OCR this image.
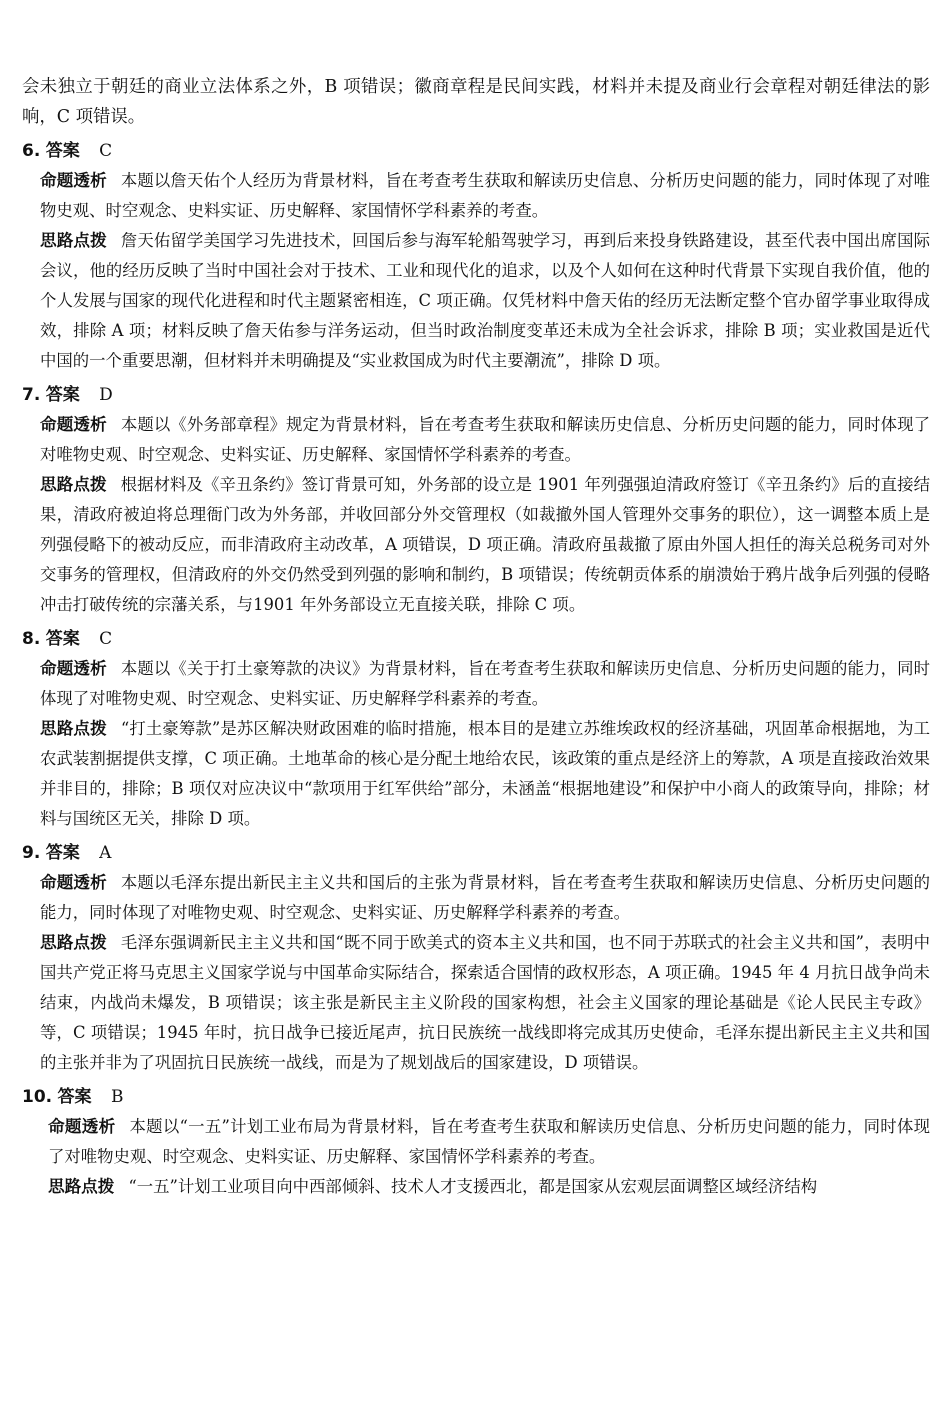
会未独立于朝廷的商业立法体系之外，B 项错误；徽商章程是民间实践，材料并未提及商业行会章程对朝廷律法的影响，C 项错误。

6. 答案 C

命题透析 本题以詹天佑个人经历为背景材料，旨在考查考生获取和解读历史信息、分析历史问题的能力，同时体现了对唯物史观、时空观念、史料实证、历史解释、家国情怀学科素养的考查。

思路点拨 詹天佑留学美国学习先进技术，回国后参与海军轮船驾驶学习，再到后来投身铁路建设，甚至代表中国出席国际会议，他的经历反映了当时中国社会对于技术、工业和现代化的追求，以及个人如何在这种时代背景下实现自我价值，他的个人发展与国家的现代化进程和时代主题紧密相连，C 项正确。仅凭材料中詹天佑的经历无法断定整个官办留学事业取得成效，排除 A 项；材料反映了詹天佑参与洋务运动，但当时政治制度变革还未成为全社会诉求，排除 B 项；实业救国是近代中国的一个重要思潮，但材料并未明确提及“实业救国成为时代主要潮流”，排除 D 项。

7. 答案 D

命题透析 本题以《外务部章程》规定为背景材料，旨在考查考生获取和解读历史信息、分析历史问题的能力，同时体现了对唯物史观、时空观念、史料实证、历史解释、家国情怀学科素养的考查。

思路点拨 根据材料及《辛丑条约》签订背景可知，外务部的设立是 1901 年列强强迫清政府签订《辛丑条约》后的直接结果，清政府被迫将总理衙门改为外务部，并收回部分外交管理权（如裁撤外国人管理外交事务的职位），这一调整本质上是列强侵略下的被动反应，而非清政府主动改革，A 项错误，D 项正确。清政府虽裁撤了原由外国人担任的海关总税务司对外交事务的管理权，但清政府的外交仍然受到列强的影响和制约，B 项错误；传统朝贡体系的崩溃始于鸦片战争后列强的侵略冲击打破传统的宗藩关系，与1901 年外务部设立无直接关联，排除 C 项。

8. 答案 C

命题透析 本题以《关于打土豪筹款的决议》为背景材料，旨在考查考生获取和解读历史信息、分析历史问题的能力，同时体现了对唯物史观、时空观念、史料实证、历史解释学科素养的考查。

思路点拨 “打土豪筹款”是苏区解决财政困难的临时措施，根本目的是建立苏维埃政权的经济基础，巩固革命根据地，为工农武装割据提供支撑，C 项正确。土地革命的核心是分配土地给农民，该政策的重点是经济上的筹款，A 项是直接政治效果并非目的，排除；B 项仅对应决议中“款项用于红军供给”部分，未涵盖“根据地建设”和保护中小商人的政策导向，排除；材料与国统区无关，排除 D 项。

9. 答案 A

命题透析 本题以毛泽东提出新民主主义共和国后的主张为背景材料，旨在考查考生获取和解读历史信息、分析历史问题的能力，同时体现了对唯物史观、时空观念、史料实证、历史解释学科素养的考查。

思路点拨 毛泽东强调新民主主义共和国“既不同于欧美式的资本主义共和国，也不同于苏联式的社会主义共和国”，表明中国共产党正将马克思主义国家学说与中国革命实际结合，探索适合国情的政权形态，A 项正确。1945 年 4 月抗日战争尚未结束，内战尚未爆发，B 项错误；该主张是新民主主义阶段的国家构想，社会主义国家的理论基础是《论人民民主专政》等，C 项错误；1945 年时，抗日战争已接近尾声，抗日民族统一战线即将完成其历史使命，毛泽东提出新民主主义共和国的主张并非为了巩固抗日民族统一战线，而是为了规划战后的国家建设，D 项错误。

10. 答案 B

命题透析 本题以“一五”计划工业布局为背景材料，旨在考查考生获取和解读历史信息、分析历史问题的能力，同时体现了对唯物史观、时空观念、史料实证、历史解释、家国情怀学科素养的考查。

思路点拨 “一五”计划工业项目向中西部倾斜、技术人才支援西北，都是国家从宏观层面调整区域经济结构
